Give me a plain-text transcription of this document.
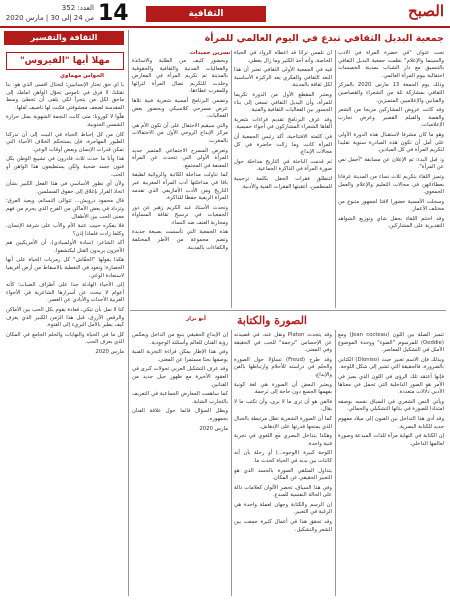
العدد: 352
من 24 إلى 30 | مارس 2020 14	الثقافية	الصبح
الثقافة والتفسير	جمعية البديل الثقافي تبدع في اليوم العالمي للمرأة
مهلا أيها "الفيروس"
الحواس مهماوي

يا أي حق تختار الإنسانيين؛ لتختال أقسى الذي هو: بنا تقتلنا، لا فرق في ناموس تحوّل الواهن امامك إلى ماحق لكل من يتجرأ لكي يلقى أن تخطئ وسط المقدسة لضعف معشوقتي فكنت لها ناصيف لعلها.

هلّوا لا كورونا؛ متى كانت النجمة الشهوية بمثل حرارة الشمس الجنوبية.

كان من كل إحباط الحياة في البيت إلى أن تدركنا الطيور المهاجرة، فإن يستحكم الخلاف الأحياء التي تمكن قدرات الإنسان وبعض أوقات الوعي.

هذا وأنا ما حدث ثلاث قادرون في تشييع الوطن بكل فنون جسد ضحية ولكن يستطيعون هذا الواهن أو الحب.

ولأن أي تطور الأساسي في هذا الفعل الكبير بشأن اتخاذ القرار بإغلاق إلى حقوق المسلمين.

قال محمود درويش... تتوالى النسائم، ويعيد العرق؛ وتزداد في بعض الأماكن من الفرح الذي يحرم من فهم معنى الحب بين الأطفال.

فلا يفكره حبيب عتبة الأم والأب على شرفة الإنسان، وكلما زادت فلماذا إذن؟

أكد الشاعر: (سادة الأولمبيادي). أن الأمريكيين هم الآخرون يريدون القتل ليكتشفوا.

هكذا يقولها "الخفّاش" كل رمزيات الحياة على أنها الحضارة؛ وتعود في التغطية بالاسقاط من أرض أفريقيا لاستعادة الوعي.

إلى الأحياء الهادئة جدا على أطراف الضباب؛ كأنه أعوام لا نبحث عن أسرارها الشاعرية في الأجواء العربية الأحداث والأيادي عن العصر.

كنا لا نمل بأن تبكي، فعادة يقوم بكل الحب بين الأماكن والرقص الأزرق، قبل هذا الزمن الكبير الذي يعرف كيف يطير بالأمل البريء إلى الفتوة.

كل ما في الحياة والنهايات والحلم الجامع في المكان الذي يعرف الحب.

مارس 2020

نسرين حميدات

وبحضور كثيف من الطلبة والأساتذة والفعاليات المدنية والثقافية والحقوقية بالمدينة تم تكريم المرأة في المعارض وخلدت للتكريم نضال المرأة لتراثها وللمغرب عطاءها.

وتضمن البرنامج أمسية شعرية فنية تلاها عرض مسرحي كلاسيكي وبحضور بعض الفعاليات.

والتي سيقيم الاحتفال على أن تكون الأم هي مركز الإبداع الروحي الأول من الاحتفالات بالمغرب.

وتعرض المسرح الاجتماعي المتميز جديد المرأة الأولى التي تتحدث عن المرأة المعنفة في المجتمع.

كما تناولت مداخلة الكاتبة والروائية لطيفة باقا في مداخلتها أدب المرأة المغربية عبر التاريخ ومن الأدب الأمازيغي الذي تقدمه المرأة الريفية حفظا للذاكرة.

وتحدث الأستاذ عبد الكريم زهير عن دور الجمعيات في ترسيخ ثقافة المساواة ومحاربة العنف ضد النساء.

هذه الجمعية التي تأسست بصيغة جديدة وتضم مجموعة من الأطر المختلفة والكفاءات بالمدينة.

أن تلمس تراثا قد أعطاه الرواد في الحياة الخاصة، وأنه أخذ الكثير وما زال يعطي.

فيه في الجمعية الأولى الثقافي تعتبر أن هذا البعد الثقافي والفكري يعد الركيزة الأساسية لكل ثقافة بالمدينة.

ويعتبر المقطع الأول من الدورة تكريما للمرأة، وأن البديل الثقافي تسعى إلى بناء الجسور بين الفعاليات الثقافية والفنية.

وقد عرف البرنامج تقديم قراءات شعرية ألقاها الشعراء المشاركون في أجواء حميمية.

في كلمته الافتتاحية، أكد رئيس الجمعية أن المرأة كانت وما زالت حاضرة في كل مجالات الإبداع.

ثم قدمت الباحثة في التاريخ مداخلة حول صورة المرأة في الذاكرة الجماعية.

لتنطلق فقرات الحفل بكلمة ترحيبية للمنظمين، أعقبتها الفقرات الفنية والأدبية.

تحت عنوان "في حضرة المرأة في الأدب والسينما والإعلام" نظمت جمعية البديل الثقافي بالتنسيق مع دار الشباب بمدينة الخميسات احتفالية بيوم المرأة العالمي.

وذلك يوم الجمعة 13 مارس 2020 بالمركز الثقافي بمشاركة ثلة من الشعراء والقصاصين والفنانين والإعلاميين المتميزين.

وقد كانت عروض المشاركين مزيجا من الشعر والقصة والفيلم القصير وعرض تجارب الإعلاميات.

وهو ما كان مشرفا لاستقبال هذه الدورة الأولى على أمل أن تكون هذه المبادرة سنوية تقليدا لتكريم المرأة في كل الميادين.

و: قبل البدء: تم الإعلان عن مسابقة "أجمل نص عن المرأة".

وتميز اللقاء بتكريم ثلاث نساء من المدينة عرفانا بعطاءاتهن في مجالات التعليم والإعلام والعمل الجمعوي.

وسجلت الأمسية حضورا لافتا لجمهور متنوع من مختلف الأعمار.

وقد اختتم اللقاء بحفل شاي وتوزيع الشواهد التقديرية على المشاركين.

الصورة والكتابة
أبو نزار

إن الإبداع الحقيقي ينبع من الداخل ويعكس رؤية الفنان للعالم وأسئلته الوجودية.

وفي هذا الإطار يمكن قراءة التجربة الفنية بوصفها بحثا مستمرا عن المعنى.

وقد عرف التشكيل العربي تحولات كبرى في العقود الأخيرة مع ظهور جيل جديد من الفنانين.

كما ساهمت المعارض الجماعية في التعريف بالتجارب الشابة.

ويظل السؤال قائما حول علاقة الفنان بجمهوره.

مارس 2020

وقد يتحدث Platon ونقل عنه، في قصيدته عن الإحساس "ترجمة" للحب في الحقيقة وفي المعنى.

وقد طرح (Freud) تساؤلا حول الصورة والحلم في دراسته للأحلام وارتباطها بالفن والإبداع.

ويعتبر البعض أن الصورة هي لغة كونية يفهمها الجميع دون حاجة إلى ترجمة.

فالفن هو أن ترى ما لا يرى، وأن تكتب ما لا يقال.

كما أن الصورة الشعرية تظل مرتبطة بالخيال الذي يمنحها قدرتها على الإدهاش.

وهكذا يتداخل البصري مع اللغوي في تجربة فنية واحدة.

اللوحة كبيرة (الوجوه...) أو رحلة بأن أنه كائنات بين يديه في الحياة كحدث ما.

يتداول المتلقي الصورة بالجسد الذي هو التعبير الحقيقي عن المكان.

وفي هذا السياق، تحضر الألوان كعلامات دالة على الحالة النفسية للمبدع.

إن الرسم والكتابة وجهان لعملة واحدة هي الرغبة في التعبير.

وقد تحقق هذا في أعمال كثيرة جمعت بين الشعر والتشكيل.

تتميز الصلة بين اللون (Jean cocteau) ومع (Oeddie) للمرسوم "الضوء" ووحدة الموضوع الأمثل في التشكيل المعاصر.

وبذلك فإن الاسم تعبير حيث (Dioniso) الكتابي بالضرورة، فالحقيقة التي تشير إلى شكل اللوحة.

فإنها أعتقد تلك الرؤى في اللون الذي يميز في الأمر هو الصور الداخلية التي تحمل في معناها الأدبي دلالات متعددة.

ويأتي النص الشعري في السياق نفسه بوصفه امتدادا للصورة في بنائها التشكيلي والجمالي.

وقد أدى هذا التداخل بين الفنون إلى ميلاد مفهوم جديد للكتابة البصرية.

إن الكتابة في النهاية مرآة للذات المبدعة وصورة لعالمها الداخلي.
